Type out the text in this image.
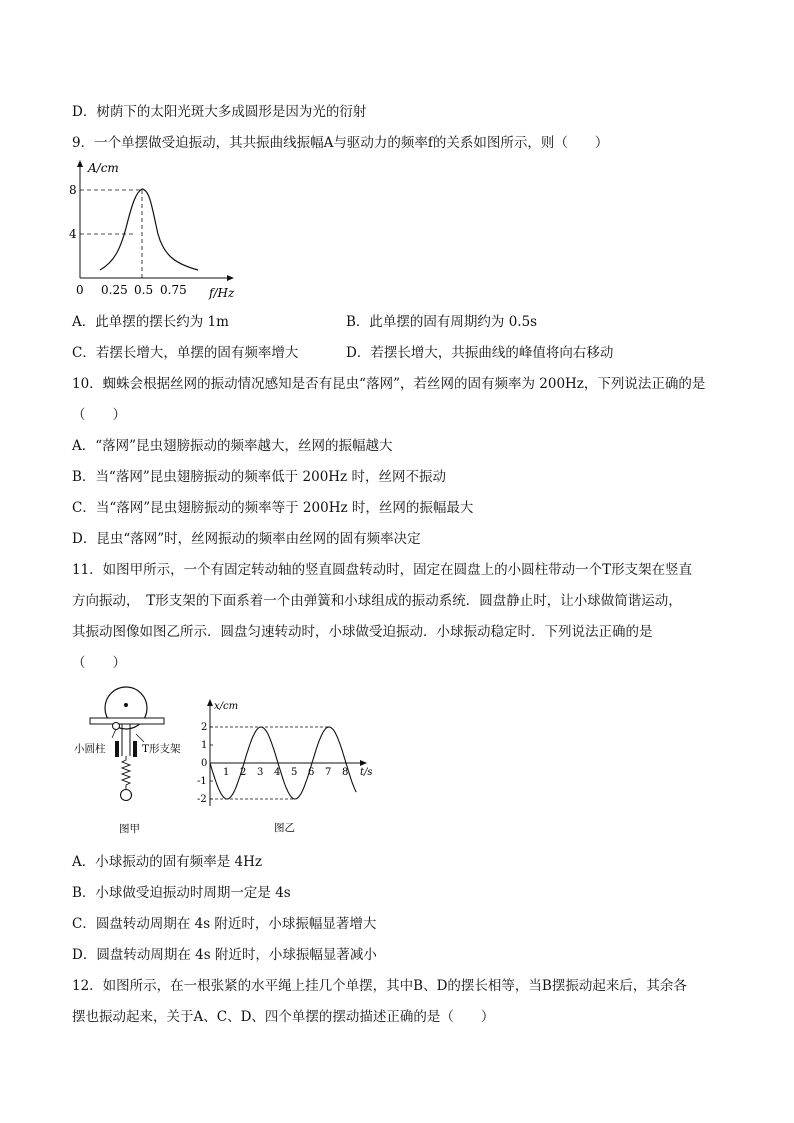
D．树荫下的太阳光斑大多成圆形是因为光的衍射
9．一个单摆做受迫振动，其共振曲线振幅A与驱动力的频率f的关系如图所示，则（　　）
A/cm
f/Hz
8
4
0 0.25 0.5 0.75
A．此单摆的摆长约为 1m	B．此单摆的固有周期约为 0.5s
C．若摆长增大，单摆的固有频率增大	D．若摆长增大，共振曲线的峰值将向右移动
10．蜘蛛会根据丝网的振动情况感知是否有昆虫“落网”，若丝网的固有频率为 200Hz，下列说法正确的是
（　　）
A．“落网”昆虫翅膀振动的频率越大，丝网的振幅越大
B．当“落网”昆虫翅膀振动的频率低于 200Hz 时，丝网不振动
C．当“落网”昆虫翅膀振动的频率等于 200Hz 时，丝网的振幅最大
D．昆虫“落网”时，丝网振动的频率由丝网的固有频率决定
11．如图甲所示，一个有固定转动轴的竖直圆盘转动时，固定在圆盘上的小圆柱带动一个T形支架在竖直
方向振动，　T形支架的下面系着一个由弹簧和小球组成的振动系统．圆盘静止时，让小球做简谐运动，
其振动图像如图乙所示．圆盘匀速转动时，小球做受迫振动．小球振动稳定时．下列说法正确的是
（　　）
小圆柱	T形支架
图甲
x/cm
t/s
2
1
0
-1
-2
1 2 3 4 5 6 7 8
图乙
A．小球振动的固有频率是 4Hz
B．小球做受迫振动时周期一定是 4s
C．圆盘转动周期在 4s 附近时，小球振幅显著增大
D．圆盘转动周期在 4s 附近时，小球振幅显著减小
12．如图所示，在一根张紧的水平绳上挂几个单摆，其中B、D的摆长相等，当B摆振动起来后，其余各
摆也振动起来，关于A、C、D、四个单摆的摆动描述正确的是（　　）
